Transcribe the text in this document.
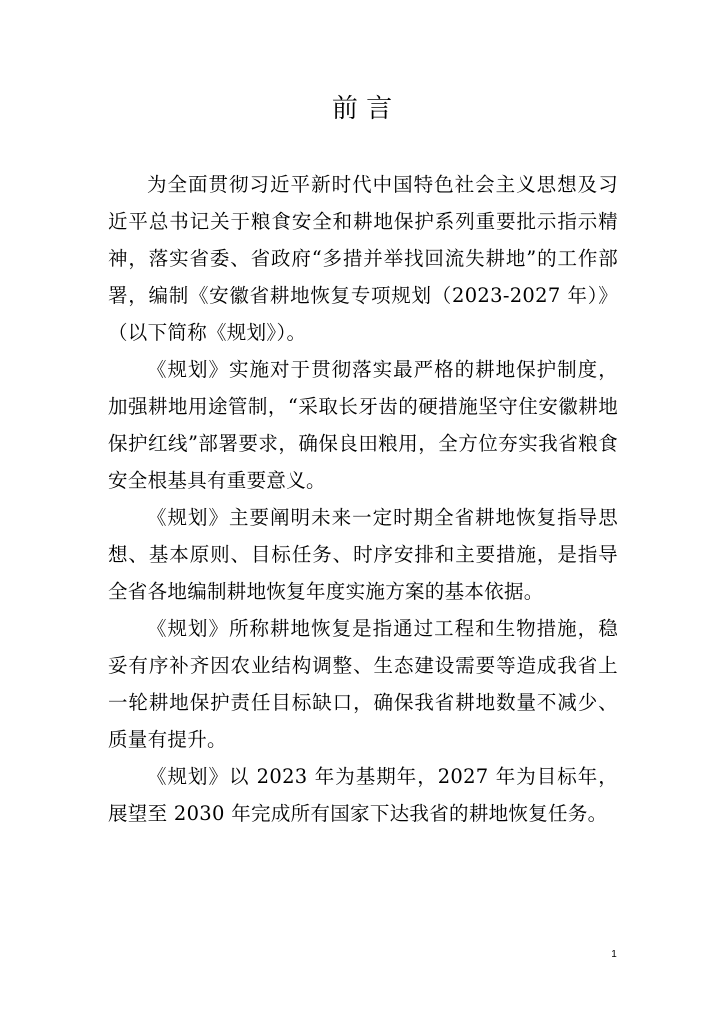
前 言

为全面贯彻习近平新时代中国特色社会主义思想及习近平总书记关于粮食安全和耕地保护系列重要批示指示精神，落实省委、省政府“多措并举找回流失耕地”的工作部署，编制《安徽省耕地恢复专项规划（2023-2027 年）》（以下简称《规划》）。

《规划》实施对于贯彻落实最严格的耕地保护制度，加强耕地用途管制，“采取长牙齿的硬措施坚守住安徽耕地保护红线”部署要求，确保良田粮用，全方位夯实我省粮食安全根基具有重要意义。

《规划》主要阐明未来一定时期全省耕地恢复指导思想、基本原则、目标任务、时序安排和主要措施，是指导全省各地编制耕地恢复年度实施方案的基本依据。

《规划》所称耕地恢复是指通过工程和生物措施，稳妥有序补齐因农业结构调整、生态建设需要等造成我省上一轮耕地保护责任目标缺口，确保我省耕地数量不减少、质量有提升。

《规划》以 2023 年为基期年，2027 年为目标年，展望至 2030 年完成所有国家下达我省的耕地恢复任务。

1
